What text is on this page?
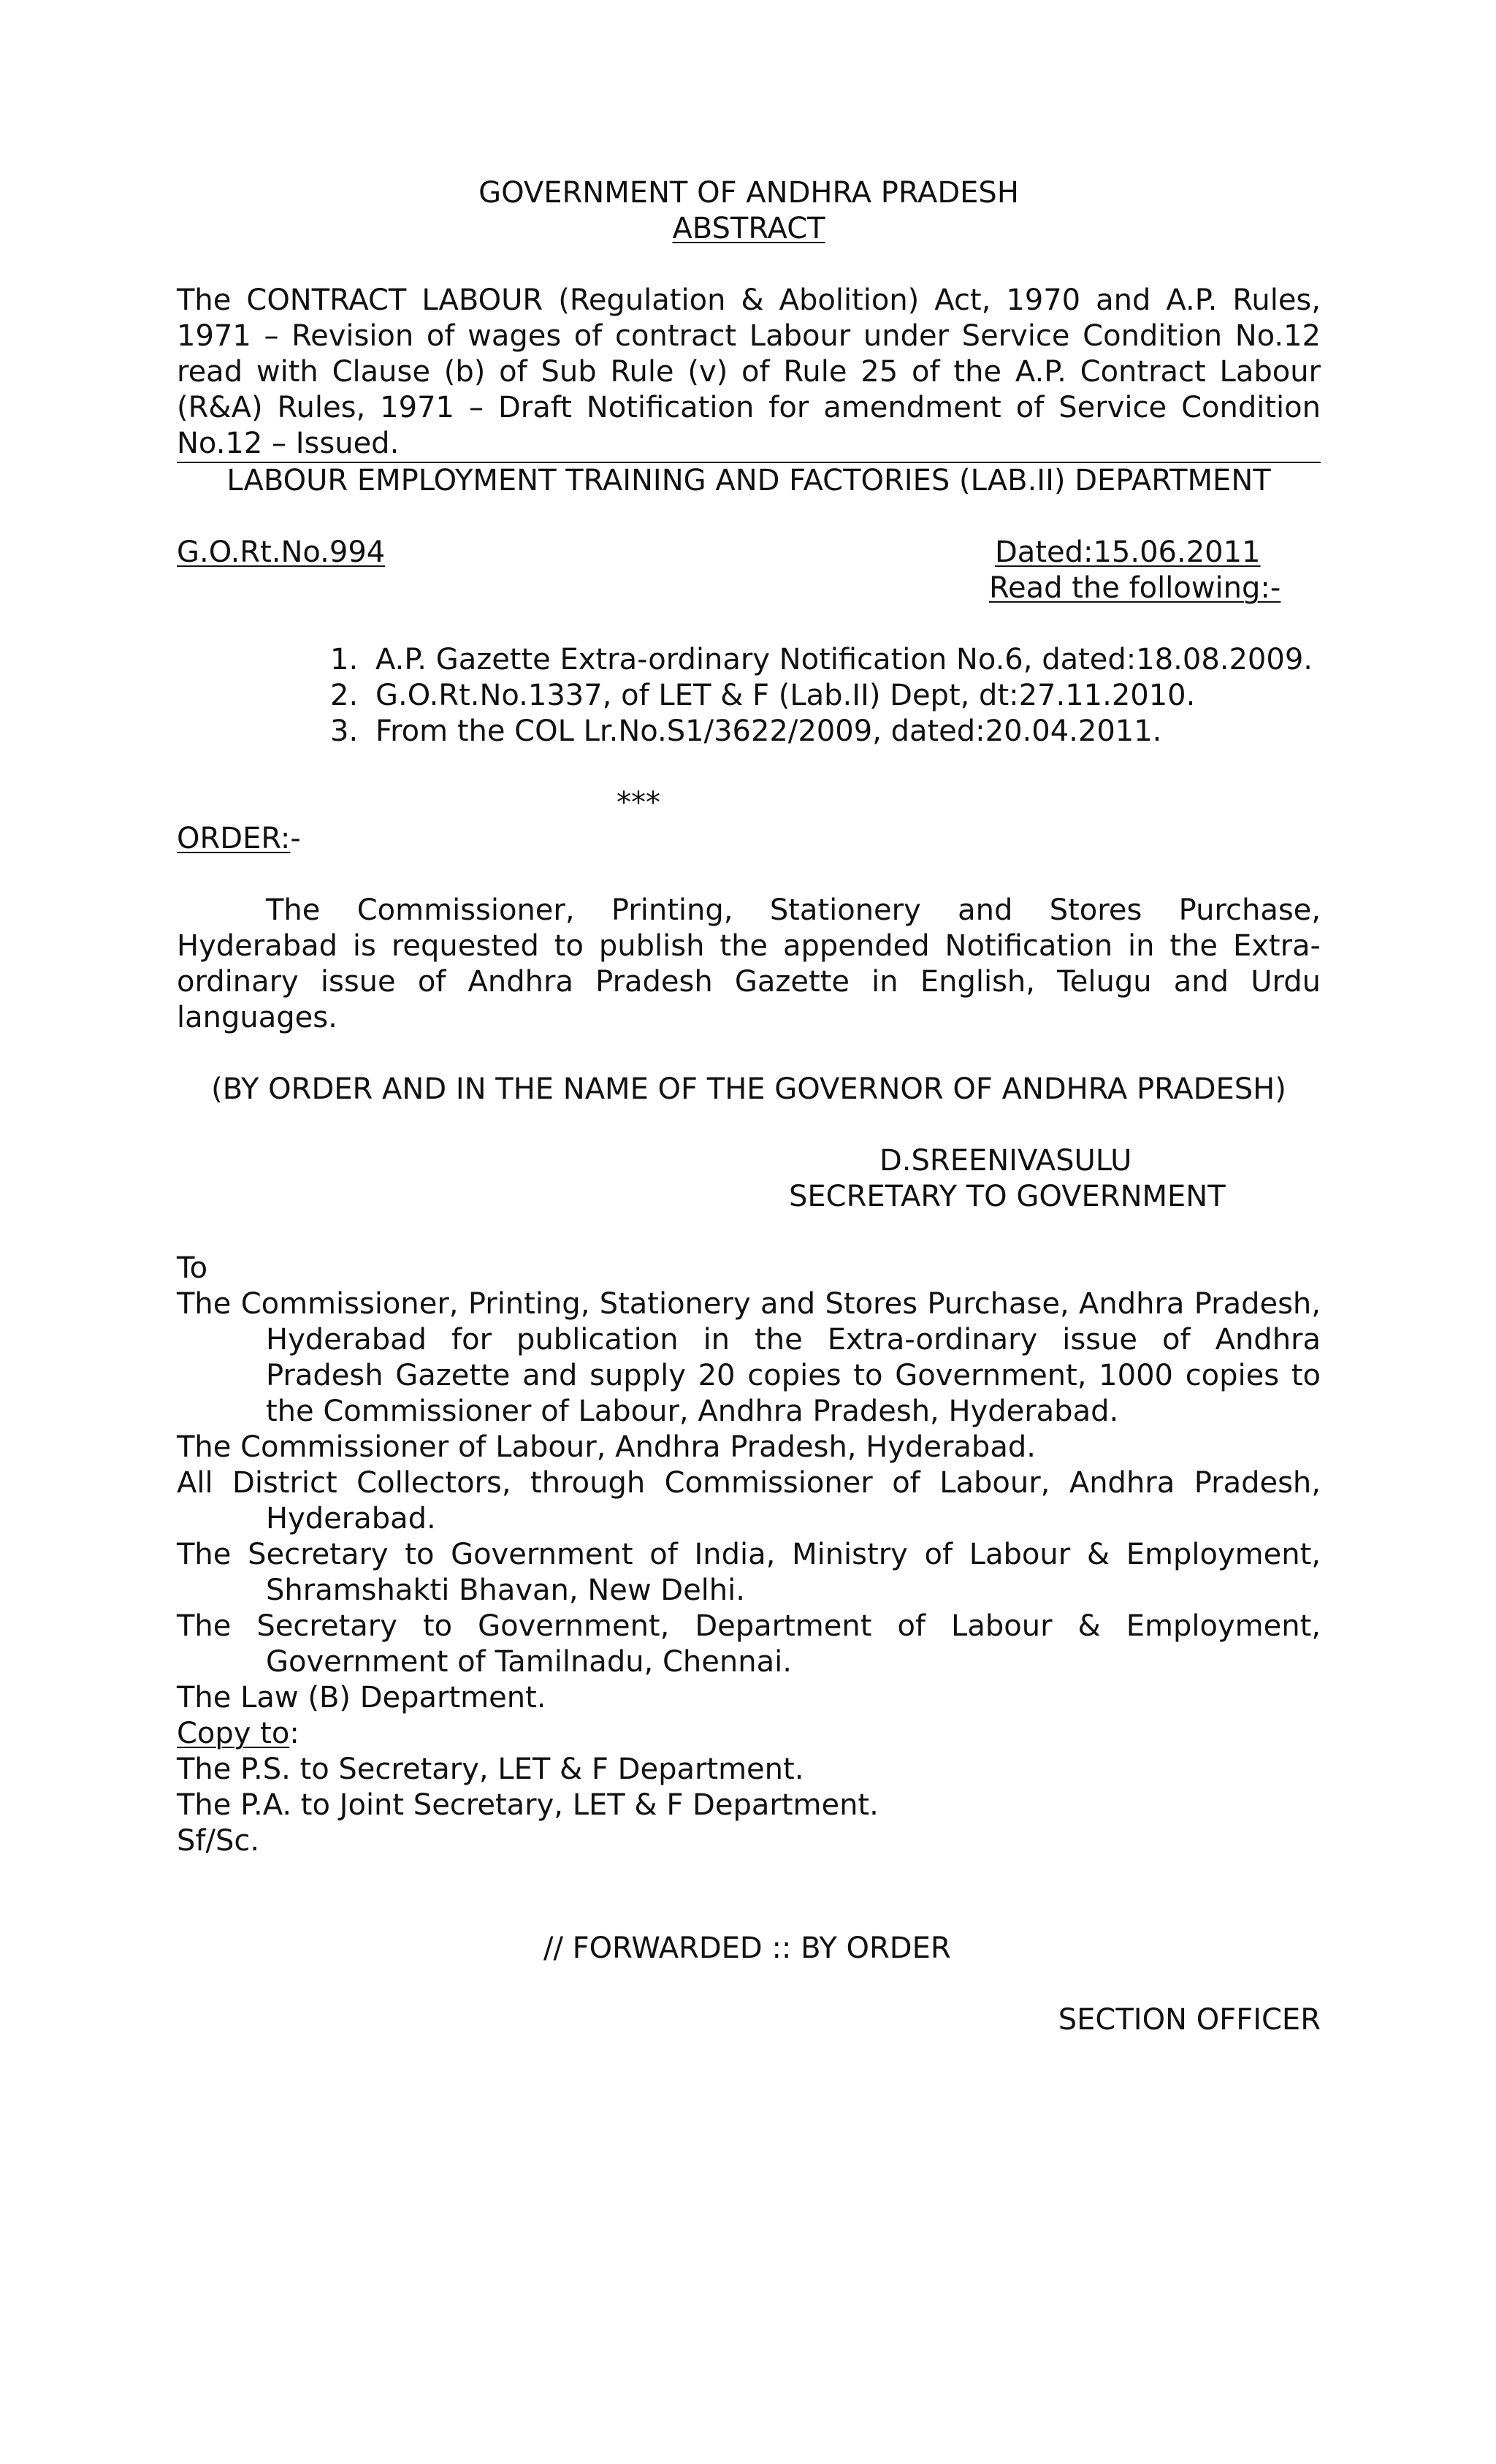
GOVERNMENT OF ANDHRA PRADESH
ABSTRACT
The CONTRACT LABOUR (Regulation & Abolition) Act, 1970 and A.P. Rules, 1971 – Revision of wages of contract Labour under Service Condition No.12 read with Clause (b) of Sub Rule (v) of Rule 25 of the A.P. Contract Labour (R&A) Rules, 1971 – Draft Notification for amendment of Service Condition No.12 – Issued.
LABOUR EMPLOYMENT TRAINING AND FACTORIES (LAB.II) DEPARTMENT
G.O.Rt.No.994	Dated:15.06.2011
Read the following:-
1. A.P. Gazette Extra-ordinary Notification No.6, dated:18.08.2009.
2. G.O.Rt.No.1337, of LET & F (Lab.II) Dept, dt:27.11.2010.
3. From the COL Lr.No.S1/3622/2009, dated:20.04.2011.
***
ORDER:-
The Commissioner, Printing, Stationery and Stores Purchase, Hyderabad is requested to publish the appended Notification in the Extra-ordinary issue of Andhra Pradesh Gazette in English, Telugu and Urdu languages.
(BY ORDER AND IN THE NAME OF THE GOVERNOR OF ANDHRA PRADESH)
D.SREENIVASULU
SECRETARY TO GOVERNMENT
To
The Commissioner, Printing, Stationery and Stores Purchase, Andhra Pradesh, Hyderabad for publication in the Extra-ordinary issue of Andhra Pradesh Gazette and supply 20 copies to Government, 1000 copies to the Commissioner of Labour, Andhra Pradesh, Hyderabad.
The Commissioner of Labour, Andhra Pradesh, Hyderabad.
All District Collectors, through Commissioner of Labour, Andhra Pradesh, Hyderabad.
The Secretary to Government of India, Ministry of Labour & Employment, Shramshakti Bhavan, New Delhi.
The Secretary to Government, Department of Labour & Employment, Government of Tamilnadu, Chennai.
The Law (B) Department.
Copy to:
The P.S. to Secretary, LET & F Department.
The P.A. to Joint Secretary, LET & F Department.
Sf/Sc.
// FORWARDED :: BY ORDER
SECTION OFFICER
